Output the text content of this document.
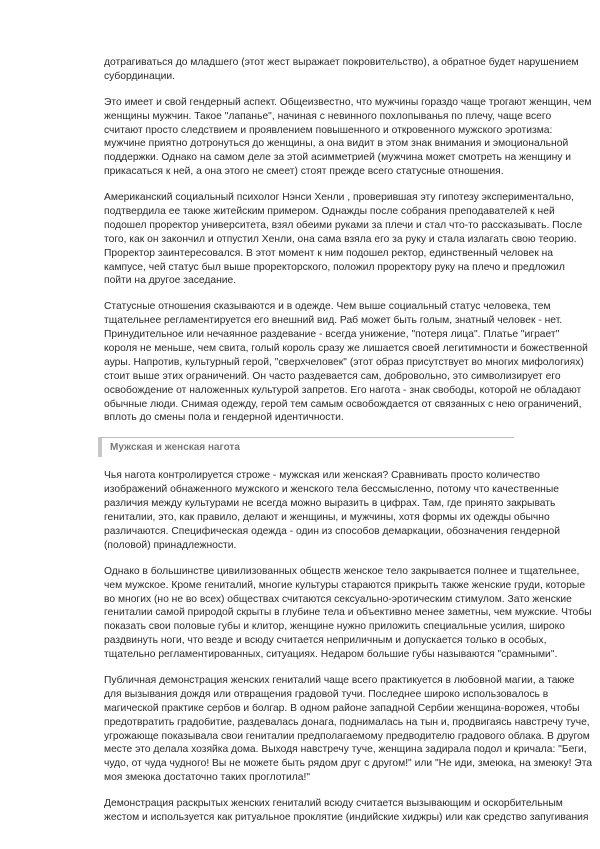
дотрагиваться до младшего (этот жест выражает покровительство), а обратное будет нарушением
субординации.

Это имеет и свой гендерный аспект. Общеизвестно, что мужчины гораздо чаще трогают женщин, чем
женщины мужчин. Такое "лапанье", начиная с невинного похлопыванья по плечу, чаще всего
считают просто следствием и проявлением повышенного и откровенного мужского эротизма:
мужчине приятно дотронуться до женщины, а она видит в этом знак внимания и эмоциональной
поддержки. Однако на самом деле за этой асимметрией (мужчина может смотреть на женщину и
прикасаться к ней, а она этого не смеет) стоят прежде всего статусные отношения.

Американский социальный психолог Нэнси Хенли , проверившая эту гипотезу экспериментально,
подтвердила ее также житейским примером. Однажды после собрания преподавателей к ней
подошел проректор университета, взял обеими руками за плечи и стал что-то рассказывать. После
того, как он закончил и отпустил Хенли, она сама взяла его за руку и стала излагать свою теорию.
Проректор заинтересовался. В этот момент к ним подошел ректор, единственный человек на
кампусе, чей статус был выше проректорского, положил проректору руку на плечо и предложил
пойти на другое заседание.

Статусные отношения сказываются и в одежде. Чем выше социальный статус человека, тем
тщательнее регламентируется его внешний вид. Раб может быть голым, знатный человек - нет.
Принудительное или нечаянное раздевание - всегда унижение, "потеря лица". Платье "играет"
короля не меньше, чем свита, голый король сразу же лишается своей легитимности и божественной
ауры. Напротив, культурный герой, "сверхчеловек" (этот образ присутствует во многих мифологиях)
стоит выше этих ограничений. Он часто раздевается сам, добровольно, это символизирует его
освобождение от наложенных культурой запретов. Его нагота - знак свободы, которой не обладают
обычные люди. Снимая одежду, герой тем самым освобождается от связанных с нею ограничений,
вплоть до смены пола и гендерной идентичности.

Мужская и женская нагота

Чья нагота контролируется строже - мужская или женская? Сравнивать просто количество
изображений обнаженного мужского и женского тела бессмысленно, потому что качественные
различия между культурами не всегда можно выразить в цифрах. Там, где принято закрывать
гениталии, это, как правило, делают и женщины, и мужчины, хотя формы их одежды обычно
различаются. Специфическая одежда - один из способов демаркации, обозначения гендерной
(половой) принадлежности.

Однако в большинстве цивилизованных обществ женское тело закрывается полнее и тщательнее,
чем мужское. Кроме гениталий, многие культуры стараются прикрыть также женские груди, которые
во многих (но не во всех) обществах считаются сексуально-эротическим стимулом. Зато женские
гениталии самой природой скрыты в глубине тела и объективно менее заметны, чем мужские. Чтобы
показать свои половые губы и клитор, женщине нужно приложить специальные усилия, широко
раздвинуть ноги, что везде и всюду считается неприличным и допускается только в особых,
тщательно регламентированных, ситуациях. Недаром большие губы называются "срамными".

Публичная демонстрация женских гениталий чаще всего практикуется в любовной магии, а также
для вызывания дождя или отвращения градовой тучи. Последнее широко использовалось в
магической практике сербов и болгар. В одном районе западной Сербии женщина-ворожея, чтобы
предотвратить градобитие, раздевалась донага, поднималась на тын и, продвигаясь навстречу туче,
угрожающе показывала свои гениталии предполагаемому предводителю градового облака. В другом
месте это делала хозяйка дома. Выходя навстречу туче, женщина задирала подол и кричала: "Беги,
чудо, от чуда чудного! Вы не можете быть рядом друг с другом!" или "Не иди, змеюка, на змеюку! Эта
моя змеюка достаточно таких проглотила!"

Демонстрация раскрытых женских гениталий всюду считается вызывающим и оскорбительным
жестом и используется как ритуальное проклятие (индийские хиджры) или как средство запугивания
